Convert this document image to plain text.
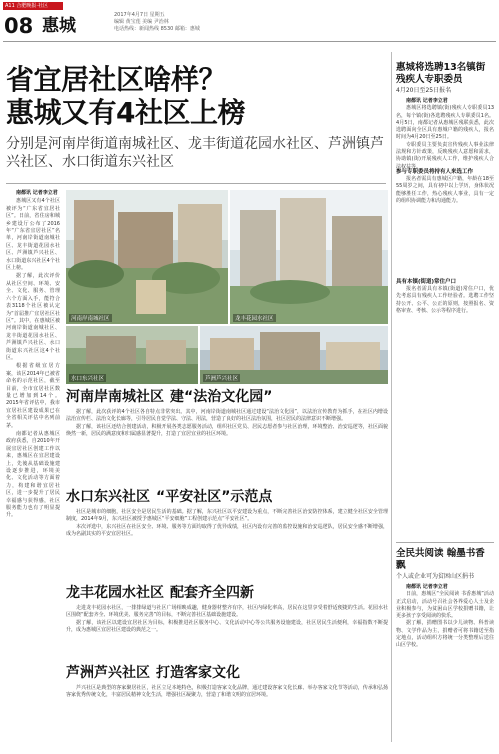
A11 合肥晚报·社区
08 惠城
2017年4月7日 星期五
编辑 黄宝莲 美编 尹治林
电话热线：新闻热线 8530 邮箱：惠城
省宜居社区啥样？
惠城又有4社区上榜
分别是河南岸街道南城社区、龙丰街道花园水社区、芦洲镇芦兴社区、水口街道东兴社区

南都讯 记者李立君

惠城区又有4个社区被评为“广东省宜居社区”。日前，省住房和城乡建设厅公布了2016年“广东省宜居社区”名单，河南岸街道南城社区、龙丰街道花园水社区、芦洲镇芦兴社区、水口街道东兴社区4个社区上榜。

据了解，此次评价从社区空间、环境、安全、文化、服务、管理六个方面入手，能符合表3118个社区被认定为“首届推广宜居社区社区”。其中，在惠城区被河南岸街道南城社区、龙丰街道花园水社区、芦洲镇芦兴社区、水口街道东兴社区这4个社区。

根据省级宜居方案，该区2014年已被省命名的示范社区，截至目前，全市宜居社区数量已增加到14个。2015年省评估中，我市宜居社区建设成果已在全省相关评估中名列前茅。

南都记者从惠城区政府获悉，自2010年开展宜居社区创建工作以来，惠城区在宜居建设上，先後从基础设施建设逐步推进，环境美化、文化活动等方面着力，构建和谐宜居社区，进一步提升了居民幸福感与获得感，社区服务能力也有了明显提升。

河南岸南城社区	龙丰花园水社区
水口东兴社区	芦洲芦兴社区
河南岸南城社区 建“法治文化园”

据了解，此次获评的4个社区各自特点非常突出。其中，河南岸街道南城社区通过建设“法治文化园”，以法治宣传教育为抓手，在社区内增设法治宣传栏、法治文化长廊等，引导居民自觉学法、守法、用法，营造了良好的社区法治氛围，社区居民的法律意识不断增强。

据了解，该社区还结合创建活动，积极开展各类志愿服务活动，组织社区党员、居民志愿者参与社区治理，环境整治、治安巡逻等，社区面貌焕然一新，居民的满意度和归属感显著提升，打造了宜居宜业的社区环境。

水口东兴社区 “平安社区”示范点

社区是城市的细胞，社区安全是居民生活的基础。据了解，东兴社区以平安建设为重点，不断完善社区治安防控体系，建立健全社区安全管理制度，2014年9月，东兴社区被授予惠城区“平安细胞”工程创建示范点“平安社区”。

本次评选中，东兴社区在社区安全、环境、服务等方面均取得了优异成绩，社区内设有完善的监控设施和治安巡逻队，居民安全感不断增强，成为名副其实的平安宜居社区。

龙丰花园水社区 配套齐全四新

走进龙丰花园水社区，一排排绿道与社区广场相映成趣，健身器材整齐有序，社区内绿化率高，居民在这里享受着舒适便捷的生活。花园水社区围绕“配套齐全、环境优美、服务完善”的目标，不断完善社区基础设施建设。

据了解，该社区以建设宜居社区为目标，积极推进社区服务中心、文化活动中心等公共服务设施建设，社区居民生活便利，幸福指数不断提升，成为惠城区宜居社区建设的典范之一。

芦洲芦兴社区 打造客家文化

芦兴社区是典型的客家聚居社区，社区立足本地特色，积极打造客家文化品牌，通过建设客家文化长廊、举办客家文化节等活动，传承和弘扬客家优秀传统文化，丰富居民精神文化生活，增强社区凝聚力，营造了和谐文明的宜居环境。

惠城将选聘13名镇街残疾人专职委员
4月20日至25日报名

南都讯 记者李立君

惠城区将选聘镇(街)残疾人专职委员13名，每个镇(街)各选聘残疾人专职委员1名。4月5日，南都记者从惠城区残联获悉，此次选聘面向全区具有惠城户籍的残疾人，报名时间为4月20日至25日。

专职委员主要负责宣传残疾人事业法律法规和方针政策，反映残疾人意愿和需求，协助镇(街)开展残疾人工作，维护残疾人合法权益等。

参与专职委员将持有人来选工作

报名者需具有惠城区户籍，年龄在18至55周岁之间，具有初中以上学历，身体状况能够胜任工作，热心残疾人事业，具有一定的组织协调能力和沟通能力。

具有本镇(街道)常住户口

报名者需具有本镇(街道)常住户口，优先考虑具有残疾人工作经验者。选聘工作坚持公开、公平、公正的原则，按照报名、资格审查、考核、公示等程序进行。

全民共阅读 翰墨书香飘
个人或企业可为贫困山区捐书

南都讯 记者李立君

日前，惠城区“全民阅读 书香惠城”活动正式启动，活动号召社会各界爱心人士及企业积极参与，为贫困山区学校捐赠书籍，让更多孩子享受阅读的快乐。

据了解，捐赠图书以少儿读物、科普读物、文学作品为主，捐赠者可将书籍送至指定地点，活动组织方将统一分类整理后送往山区学校。
